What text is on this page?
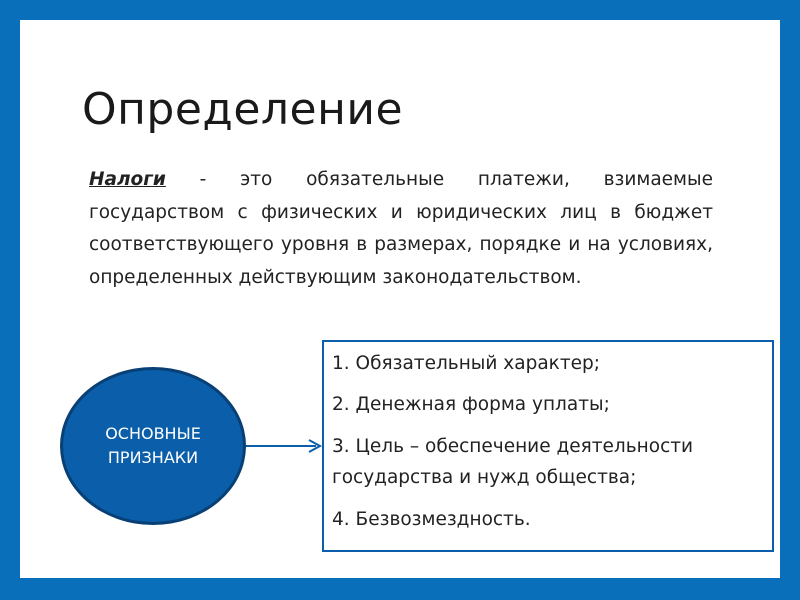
Определение

Налоги - это обязательные платежи, взимаемые государством с физических и юридических лиц в бюджет соответствующего уровня в размерах, порядке и на условиях, определенных действующим законодательством.

ОСНОВНЫЕ ПРИЗНАКИ
1. Обязательный характер;
2. Денежная форма уплаты;
3. Цель – обеспечение деятельности государства и нужд общества;
4. Безвозмездность.
